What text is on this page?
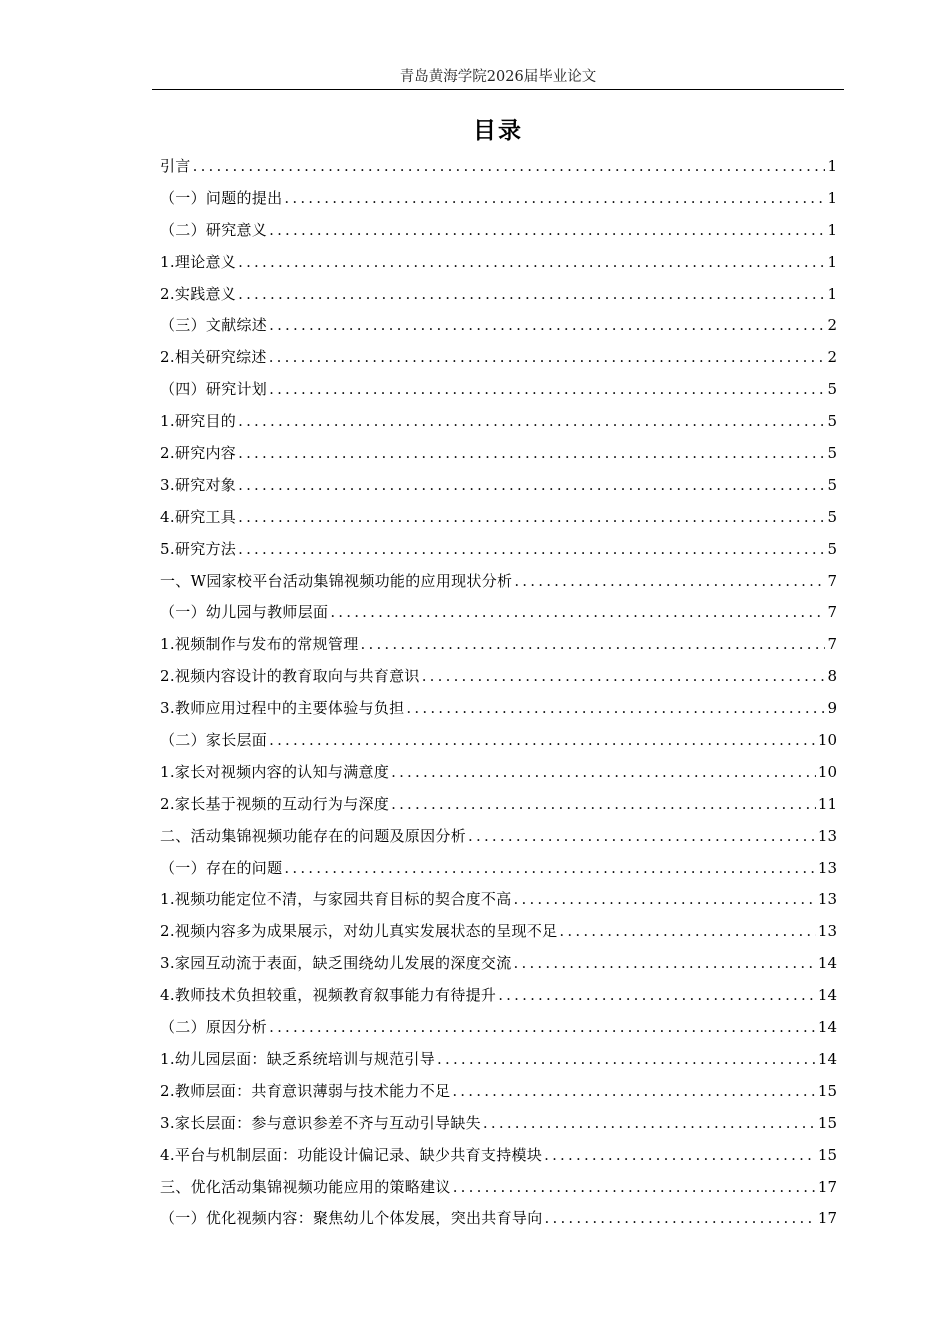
青岛黄海学院2026届毕业论文
目录
引言 .....	1
（一）问题的提出 .....	1
（二）研究意义 .....	1
1.理论意义 .....	1
2.实践意义 .....	1
（三）文献综述 .....	2
2.相关研究综述 .....	2
（四）研究计划 .....	5
1.研究目的 .....	5
2.研究内容 .....	5
3.研究对象 .....	5
4.研究工具 .....	5
5.研究方法 .....	5
一、W园家校平台活动集锦视频功能的应用现状分析 .....	7
（一）幼儿园与教师层面 .....	7
1.视频制作与发布的常规管理 .....	7
2.视频内容设计的教育取向与共育意识 .....	8
3.教师应用过程中的主要体验与负担 .....	9
（二）家长层面 .....	10
1.家长对视频内容的认知与满意度 .....	10
2.家长基于视频的互动行为与深度 .....	11
二、活动集锦视频功能存在的问题及原因分析 .....	13
（一）存在的问题 .....	13
1.视频功能定位不清，与家园共育目标的契合度不高 .....	13
2.视频内容多为成果展示，对幼儿真实发展状态的呈现不足 .....	13
3.家园互动流于表面，缺乏围绕幼儿发展的深度交流 .....	14
4.教师技术负担较重，视频教育叙事能力有待提升 .....	14
（二）原因分析 .....	14
1.幼儿园层面：缺乏系统培训与规范引导 .....	14
2.教师层面：共育意识薄弱与技术能力不足 .....	15
3.家长层面：参与意识参差不齐与互动引导缺失 .....	15
4.平台与机制层面：功能设计偏记录、缺少共育支持模块 .....	15
三、优化活动集锦视频功能应用的策略建议 .....	17
（一）优化视频内容：聚焦幼儿个体发展，突出共育导向 .....	17
